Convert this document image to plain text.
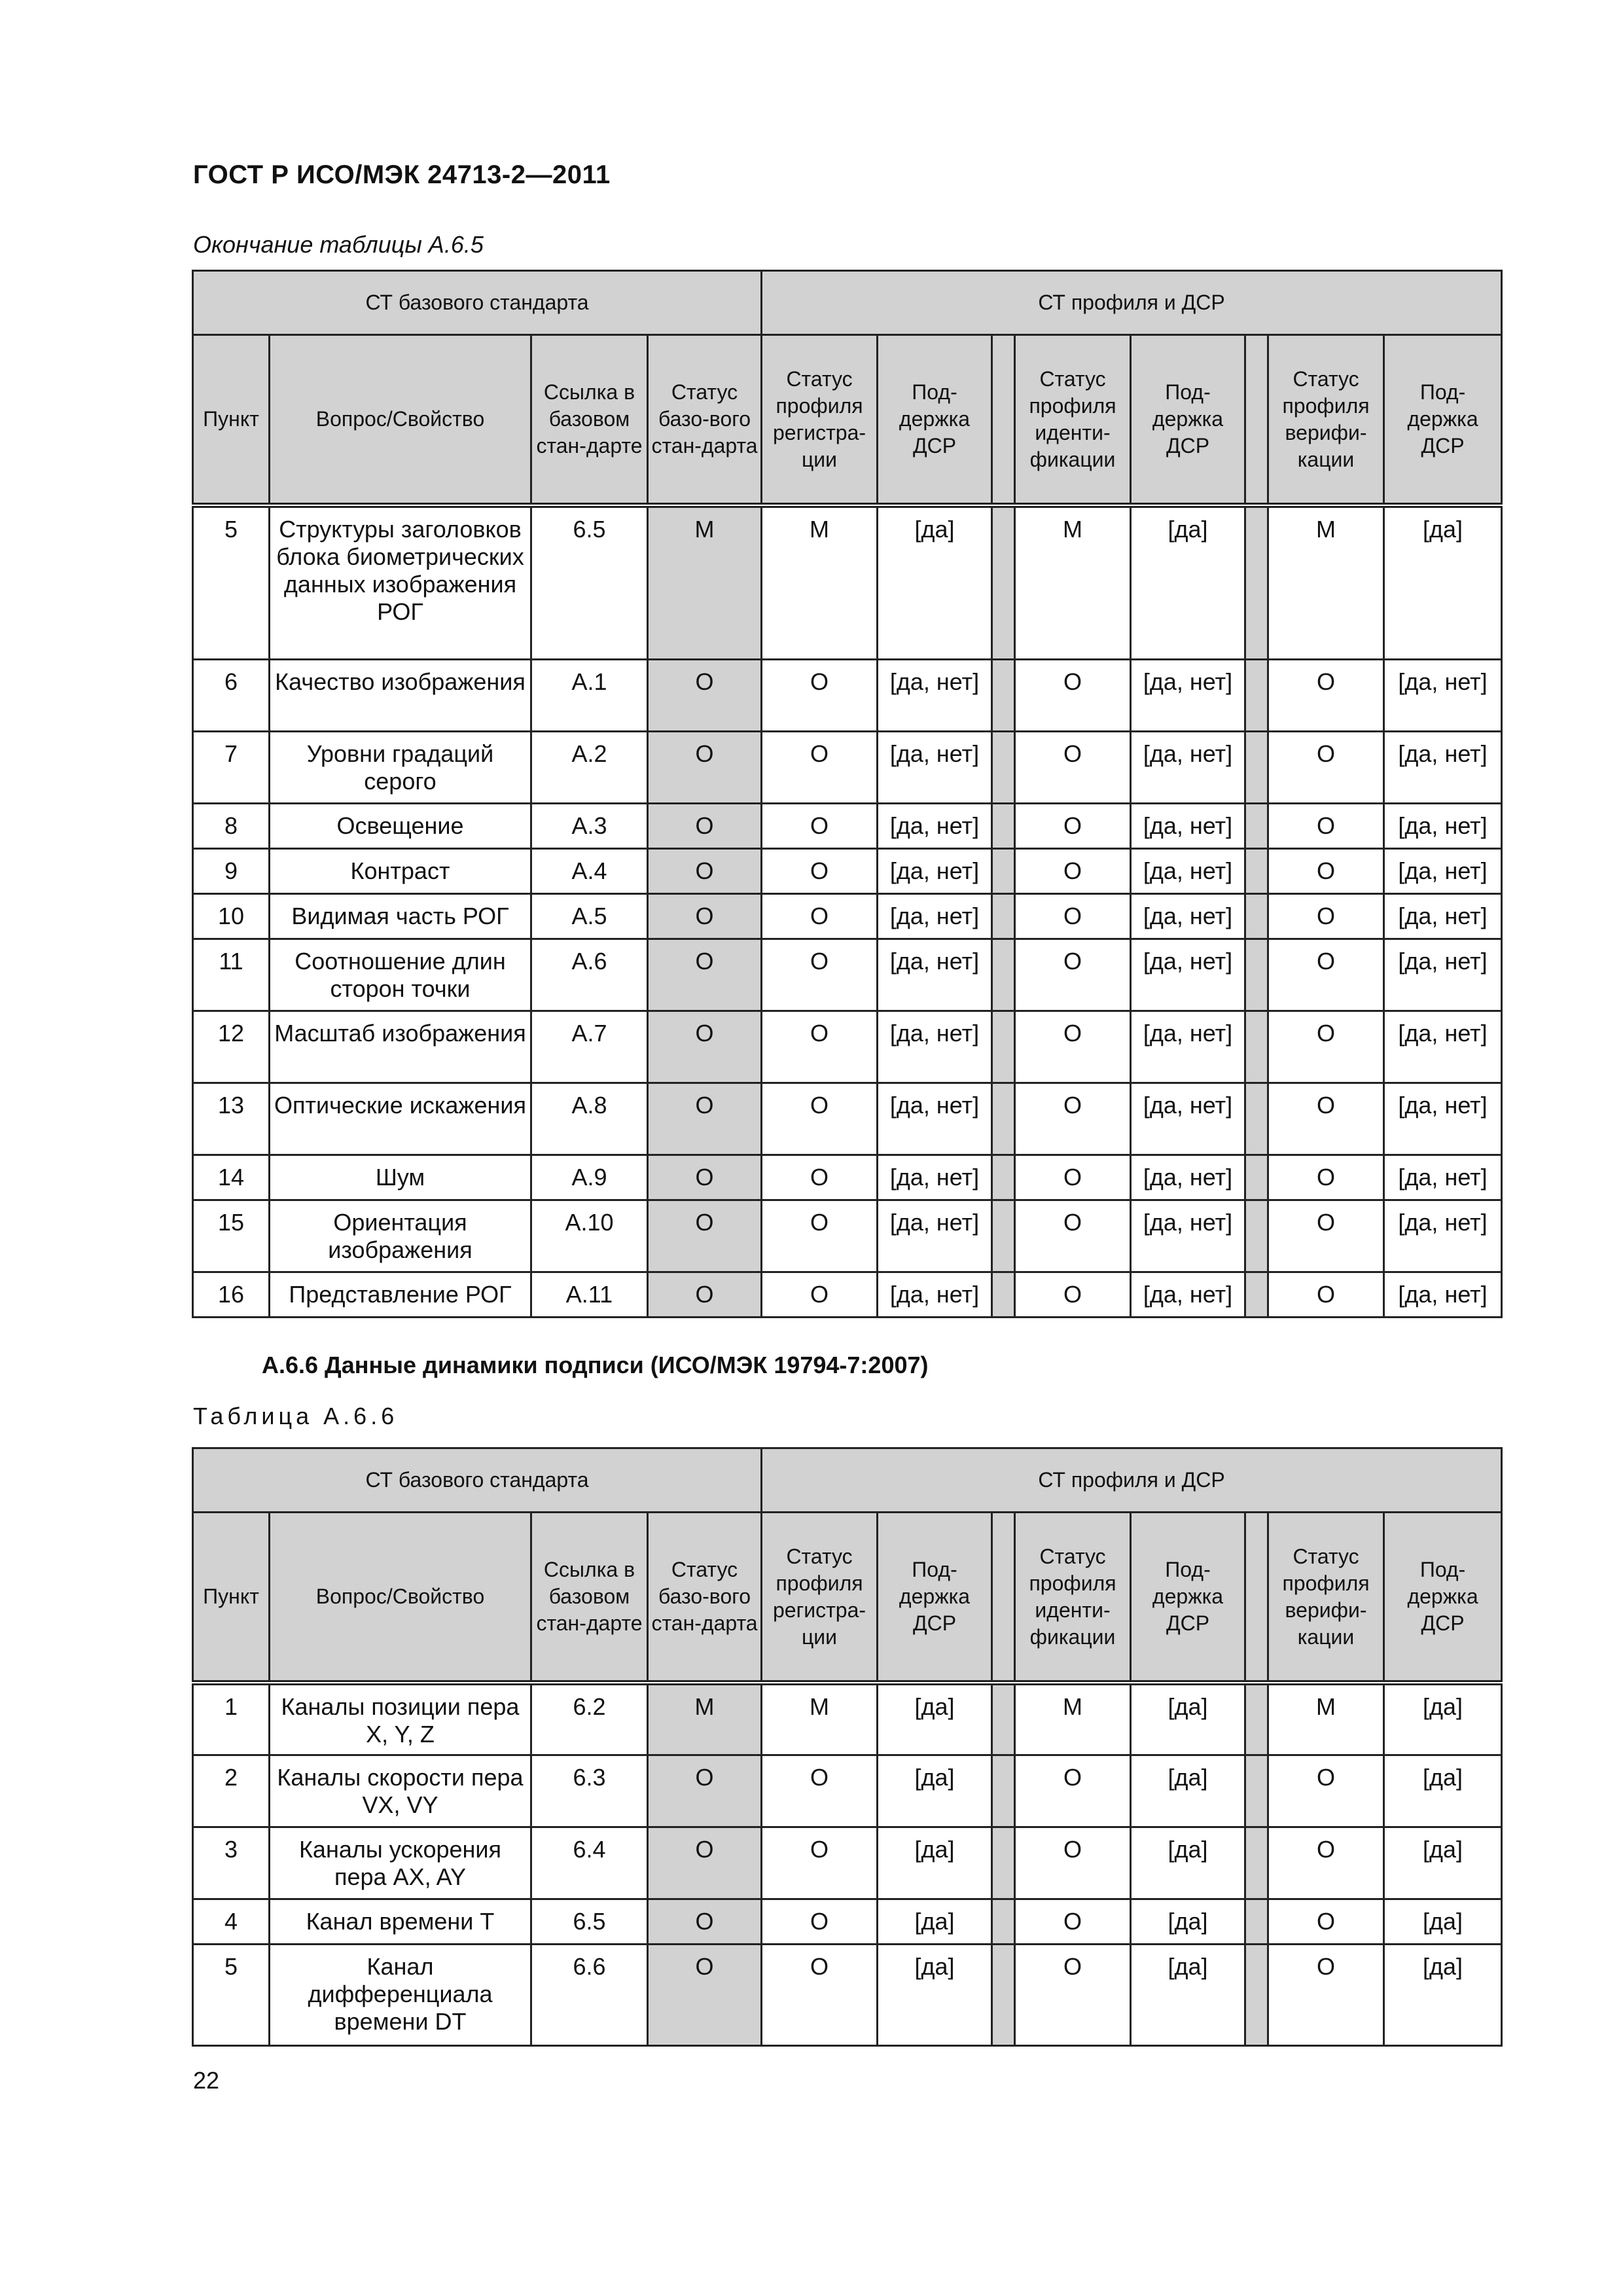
ГОСТ Р ИСО/МЭК 24713-2—2011
Окончание таблицы А.6.5
СТ базового стандарта				СТ профиля и ДСР							
Пункт	Вопрос/Свойство	Ссылка в базовом стан-дарте	Статус базо-вого стан-дарта	Статус профиля регистра-ции	Под-держка ДСР		Статус профиля иденти-фикации	Под-держка ДСР		Статус профиля верифи-кации	Под-держка ДСР
5	Структуры заголовков блока биометрических данных изображения РОГ	6.5	М	М	[да]		М	[да]		М	[да]
6	Качество изображения	А.1	О	О	[да, нет]		О	[да, нет]		О	[да, нет]
7	Уровни градаций серого	А.2	О	О	[да, нет]		О	[да, нет]		О	[да, нет]
8	Освещение	А.3	О	О	[да, нет]		О	[да, нет]		О	[да, нет]
9	Контраст	А.4	О	О	[да, нет]		О	[да, нет]		О	[да, нет]
10	Видимая часть РОГ	А.5	О	О	[да, нет]		О	[да, нет]		О	[да, нет]
11	Соотношение длин сторон точки	А.6	О	О	[да, нет]		О	[да, нет]		О	[да, нет]
12	Масштаб изображения	А.7	О	О	[да, нет]		О	[да, нет]		О	[да, нет]
13	Оптические искажения	А.8	О	О	[да, нет]		О	[да, нет]		О	[да, нет]
14	Шум	А.9	О	О	[да, нет]		О	[да, нет]		О	[да, нет]
15	Ориентация изображения	А.10	О	О	[да, нет]		О	[да, нет]		О	[да, нет]
16	Представление РОГ	А.11	О	О	[да, нет]		О	[да, нет]		О	[да, нет]
А.6.6 Данные динамики подписи (ИСО/МЭК 19794-7:2007)
Таблица А.6.6
СТ базового стандарта				СТ профиля и ДСР							
Пункт	Вопрос/Свойство	Ссылка в базовом стан-дарте	Статус базо-вого стан-дарта	Статус профиля регистра-ции	Под-держка ДСР		Статус профиля иденти-фикации	Под-держка ДСР		Статус профиля верифи-кации	Под-держка ДСР
1	Каналы позиции пера X, Y, Z	6.2	М	М	[да]		М	[да]		М	[да]
2	Каналы скорости пера VX, VY	6.3	О	О	[да]		О	[да]		О	[да]
3	Каналы ускорения пера AX, AY	6.4	О	О	[да]		О	[да]		О	[да]
4	Канал времени T	6.5	О	О	[да]		О	[да]		О	[да]
5	Канал дифференциала времени DT	6.6	О	О	[да]		О	[да]		О	[да]
22
